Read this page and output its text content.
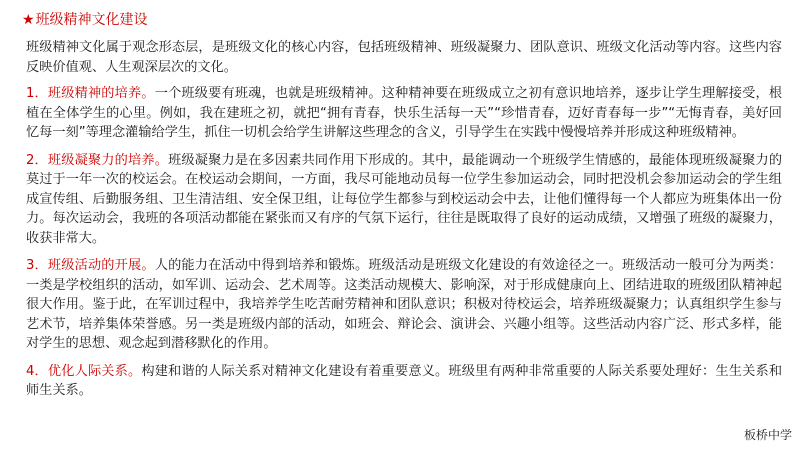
★班级精神文化建设

班级精神文化属于观念形态层，是班级文化的核心内容，包括班级精神、班级凝聚力、团队意识、班级文化活动等内容。这些内容反映价值观、人生观深层次的文化。

1．班级精神的培养。一个班级要有班魂，也就是班级精神。这种精神要在班级成立之初有意识地培养，逐步让学生理解接受，根植在全体学生的心里。例如，我在建班之初，就把“拥有青春，快乐生活每一天”“珍惜青春，迈好青春每一步”“无悔青春，美好回忆每一刻”等理念灌输给学生，抓住一切机会给学生讲解这些理念的含义，引导学生在实践中慢慢培养并形成这种班级精神。

2．班级凝聚力的培养。班级凝聚力是在多因素共同作用下形成的。其中，最能调动一个班级学生情感的，最能体现班级凝聚力的莫过于一年一次的校运会。在校运动会期间，一方面，我尽可能地动员每一位学生参加运动会，同时把没机会参加运动会的学生组成宣传组、后勤服务组、卫生清洁组、安全保卫组，让每位学生都参与到校运动会中去，让他们懂得每一个人都应为班集体出一份力。每次运动会，我班的各项活动都能在紧张而又有序的气氛下运行，往往是既取得了良好的运动成绩，又增强了班级的凝聚力，收获非常大。

3．班级活动的开展。人的能力在活动中得到培养和锻炼。班级活动是班级文化建设的有效途径之一。班级活动一般可分为两类：一类是学校组织的活动，如军训、运动会、艺术周等。这类活动规模大、影响深，对于形成健康向上、团结进取的班级团队精神起很大作用。鉴于此，在军训过程中，我培养学生吃苦耐劳精神和团队意识；积极对待校运会，培养班级凝聚力；认真组织学生参与艺术节，培养集体荣誉感。另一类是班级内部的活动，如班会、辩论会、演讲会、兴趣小组等。这些活动内容广泛、形式多样，能对学生的思想、观念起到潜移默化的作用。

4．优化人际关系。构建和谐的人际关系对精神文化建设有着重要意义。班级里有两种非常重要的人际关系要处理好：生生关系和师生关系。

板桥中学
